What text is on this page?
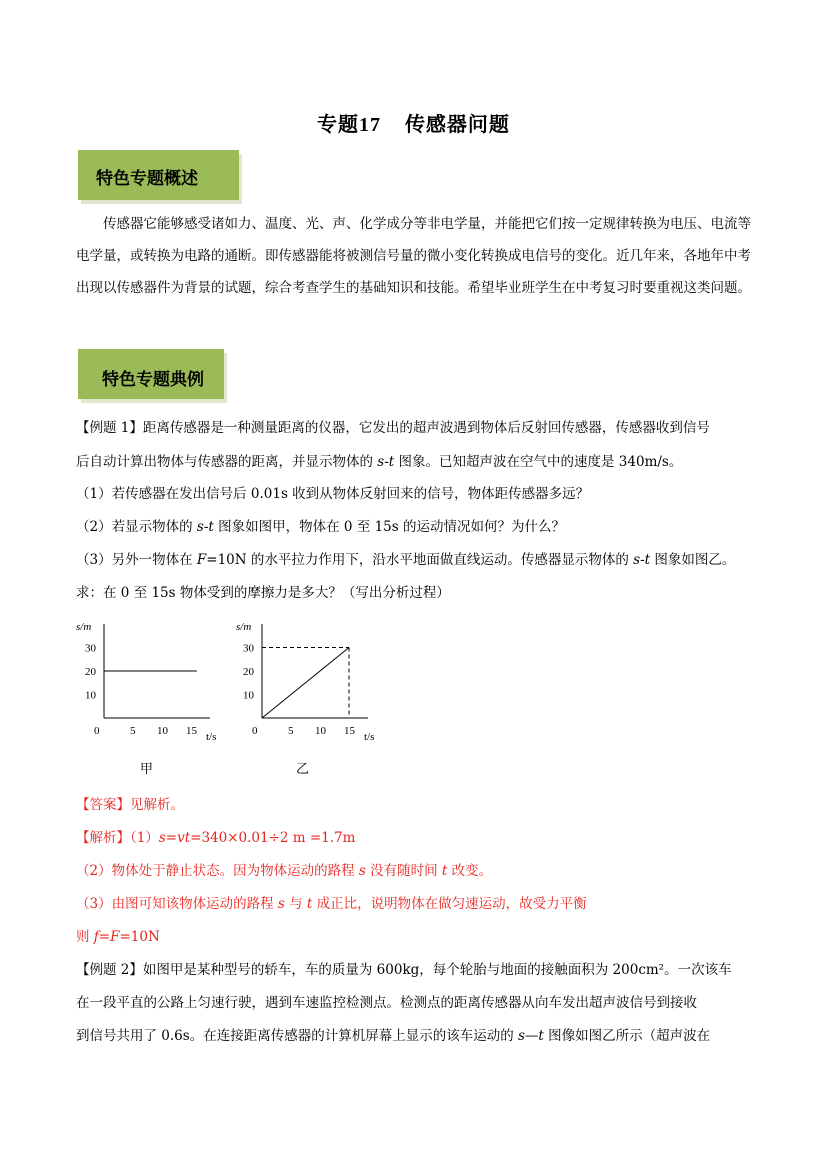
专题17 传感器问题
特色专题概述
传感器它能够感受诸如力、温度、光、声、化学成分等非电学量，并能把它们按一定规律转换为电压、电流等电学量，或转换为电路的通断。即传感器能将被测信号量的微小变化转换成电信号的变化。近几年来，各地年中考出现以传感器件为背景的试题，综合考查学生的基础知识和技能。希望毕业班学生在中考复习时要重视这类问题。
特色专题典例
【例题 1】距离传感器是一种测量距离的仪器，它发出的超声波遇到物体后反射回传感器，传感器收到信号
后自动计算出物体与传感器的距离，并显示物体的 s-t 图象。已知超声波在空气中的速度是 340m/s。
（1）若传感器在发出信号后 0.01s 收到从物体反射回来的信号，物体距传感器多远？
（2）若显示物体的 s-t 图象如图甲，物体在 0 至 15s 的运动情况如何？为什么？
（3）另外一物体在 F=10N 的水平拉力作用下，沿水平地面做直线运动。传感器显示物体的 s-t 图象如图乙。
求：在 0 至 15s 物体受到的摩擦力是多大？（写出分析过程）
s/m
t/s
0	5 10 15
10
20
30
甲
s/m
t/s
0	5 10 15
10
20
30
乙
【答案】见解析。
【解析】（1）s=vt=340×0.01÷2 m =1.7m
（2）物体处于静止状态。因为物体运动的路程 s 没有随时间 t 改变。
（3）由图可知该物体运动的路程 s 与 t 成正比，说明物体在做匀速运动，故受力平衡
则 f=F=10N
【例题 2】如图甲是某种型号的轿车，车的质量为 600kg，每个轮胎与地面的接触面积为 200cm²。一次该车
在一段平直的公路上匀速行驶，遇到车速监控检测点。检测点的距离传感器从向车发出超声波信号到接收
到信号共用了 0.6s。在连接距离传感器的计算机屏幕上显示的该车运动的 s—t 图像如图乙所示（超声波在
